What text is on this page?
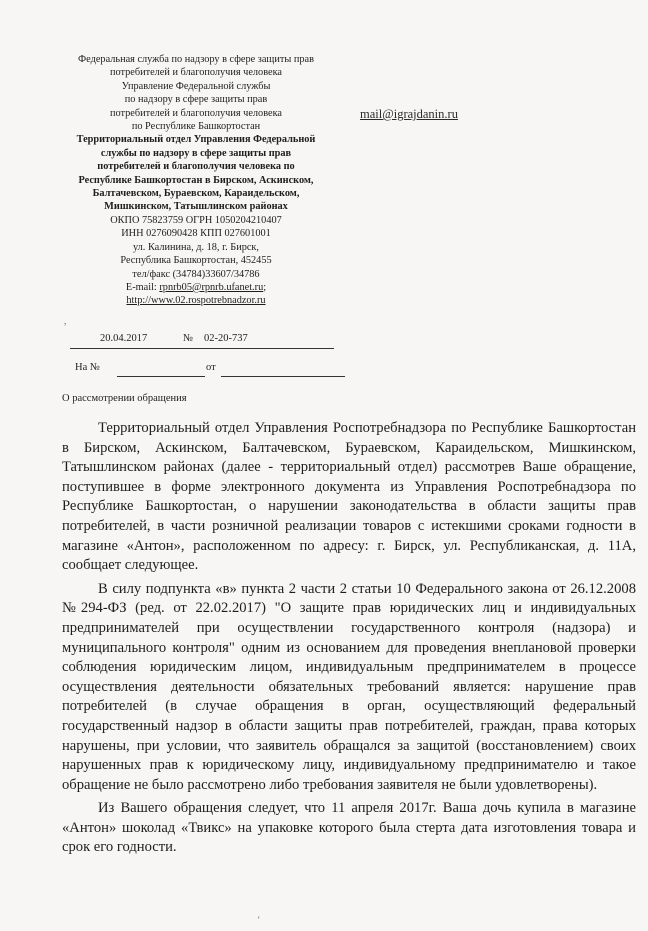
Федеральная служба по надзору в сфере защиты прав
потребителей и благополучия человека
Управление Федеральной службы
по надзору в сфере защиты прав
потребителей и благополучия человека
по Республике Башкортостан
Территориальный отдел Управления Федеральной
службы по надзору в сфере защиты прав
потребителей и благополучия человека по
Республике Башкортостан в Бирском, Аскинском,
Балтачевском, Бураевском, Караидельском,
Мишкинском, Татышлинском районах
ОКПО 75823759 ОГРН 1050204210407
ИНН 0276090428 КПП 027601001
ул. Калинина, д. 18, г. Бирск,
Республика Башкортостан, 452455
тел/факс (34784)33607/34786
E-mail: rpnrb05@rpnrb.ufanet.ru;
http://www.02.rospotrebnadzor.ru
mail@igrajdanin.ru
20.04.2017	№ 02-20-737
На №	от
О рассмотрении обращения

Территориальный отдел Управления Роспотребнадзора по Республике Башкортостан в Бирском, Аскинском, Балтачевском, Бураевском, Караидельском, Мишкинском, Татышлинском районах (далее - территориальный отдел) рассмотрев Ваше обращение, поступившее в форме электронного документа из Управления Роспотребнадзора по Республике Башкортостан, о нарушении законодательства в области защиты прав потребителей, в части розничной реализации товаров с истекшими сроками годности в магазине «Антон», расположенном по адресу: г. Бирск, ул. Республиканская, д. 11А, сообщает следующее.

В силу подпункта «в» пункта 2 части 2 статьи 10 Федерального закона от 26.12.2008 №294-ФЗ (ред. от 22.02.2017) "О защите прав юридических лиц и индивидуальных предпринимателей при осуществлении государственного контроля (надзора) и муниципального контроля" одним из основанием для проведения внеплановой проверки соблюдения юридическим лицом, индивидуальным предпринимателем в процессе осуществления деятельности обязательных требований является: нарушение прав потребителей (в случае обращения в орган, осуществляющий федеральный государственный надзор в области защиты прав потребителей, граждан, права которых нарушены, при условии, что заявитель обращался за защитой (восстановлением) своих нарушенных прав к юридическому лицу, индивидуальному предпринимателю и такое обращение не было рассмотрено либо требования заявителя не были удовлетворены).

Из Вашего обращения следует, что 11 апреля 2017г. Ваша дочь купила в магазине «Антон» шоколад «Твикс» на упаковке которого была стерта дата изготовления товара и срок его годности.

,
'
